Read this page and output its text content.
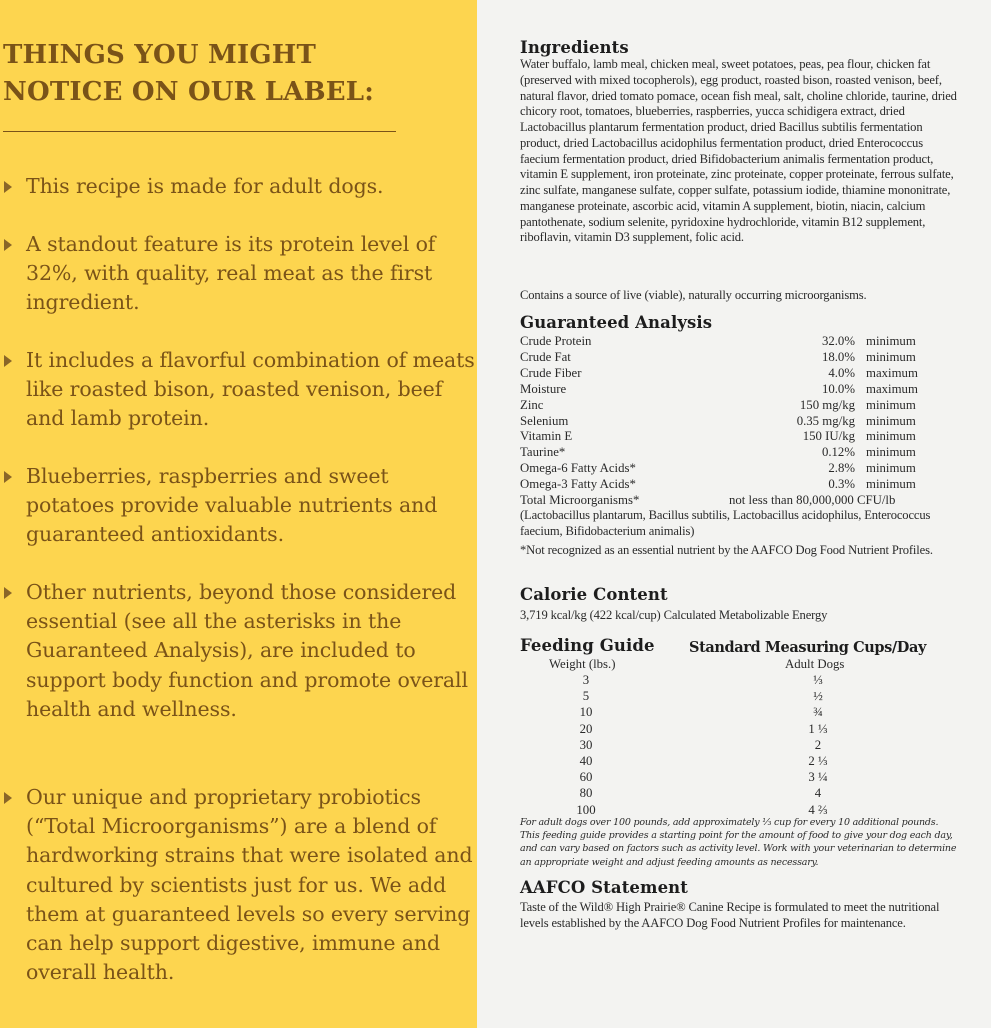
THINGS YOU MIGHT
NOTICE ON OUR LABEL:
This recipe is made for adult dogs.
A standout feature is its protein level of 32%, with quality, real meat as the first ingredient.
It includes a flavorful combination of meats like roasted bison, roasted venison, beef and lamb protein.
Blueberries, raspberries and sweet potatoes provide valuable nutrients and guaranteed antioxidants.
Other nutrients, beyond those considered essential (see all the asterisks in the Guaranteed Analysis), are included to support body function and promote overall health and wellness.
Our unique and proprietary probiotics (“Total Microorganisms”) are a blend of hardworking strains that were isolated and cultured by scientists just for us. We add them at guaranteed levels so every serving can help support digestive, immune and overall health.
Ingredients
Water buffalo, lamb meal, chicken meal, sweet potatoes, peas, pea flour, chicken fat (preserved with mixed tocopherols), egg product, roasted bison, roasted venison, beef, natural flavor, dried tomato pomace, ocean fish meal, salt, choline chloride, taurine, dried chicory root, tomatoes, blueberries, raspberries, yucca schidigera extract, dried Lactobacillus plantarum fermentation product, dried Bacillus subtilis fermentation product, dried Lactobacillus acidophilus fermentation product, dried Enterococcus faecium fermentation product, dried Bifidobacterium animalis fermentation product, vitamin E supplement, iron proteinate, zinc proteinate, copper proteinate, ferrous sulfate, zinc sulfate, manganese sulfate, copper sulfate, potassium iodide, thiamine mononitrate, manganese proteinate, ascorbic acid, vitamin A supplement, biotin, niacin, calcium pantothenate, sodium selenite, pyridoxine hydrochloride, vitamin B12 supplement, riboflavin, vitamin D3 supplement, folic acid.
Contains a source of live (viable), naturally occurring microorganisms.
Guaranteed Analysis
Crude Protein	32.0% minimum
Crude Fat	18.0% minimum
Crude Fiber	4.0% maximum
Moisture	10.0% maximum
Zinc	150 mg/kg minimum
Selenium	0.35 mg/kg minimum
Vitamin E	150 IU/kg minimum
Taurine*	0.12% minimum
Omega-6 Fatty Acids*	2.8% minimum
Omega-3 Fatty Acids*	0.3% minimum
Total Microorganisms*	not less than 80,000,000 CFU/lb
(Lactobacillus plantarum, Bacillus subtilis, Lactobacillus acidophilus, Enterococcus faecium, Bifidobacterium animalis)
*Not recognized as an essential nutrient by the AAFCO Dog Food Nutrient Profiles.
Calorie Content
3,719 kcal/kg (422 kcal/cup) Calculated Metabolizable Energy
Feeding Guide Standard Measuring Cups/Day
Weight (lbs.)	Adult Dogs
3	⅓
5	½
10	¾
20	1 ⅓
30	2
40	2 ⅓
60	3 ¼
80	4
100	4 ⅔
For adult dogs over 100 pounds, add approximately ⅓ cup for every 10 additional pounds. This feeding guide provides a starting point for the amount of food to give your dog each day, and can vary based on factors such as activity level. Work with your veterinarian to determine an appropriate weight and adjust feeding amounts as necessary.
AAFCO Statement
Taste of the Wild® High Prairie® Canine Recipe is formulated to meet the nutritional levels established by the AAFCO Dog Food Nutrient Profiles for maintenance.
